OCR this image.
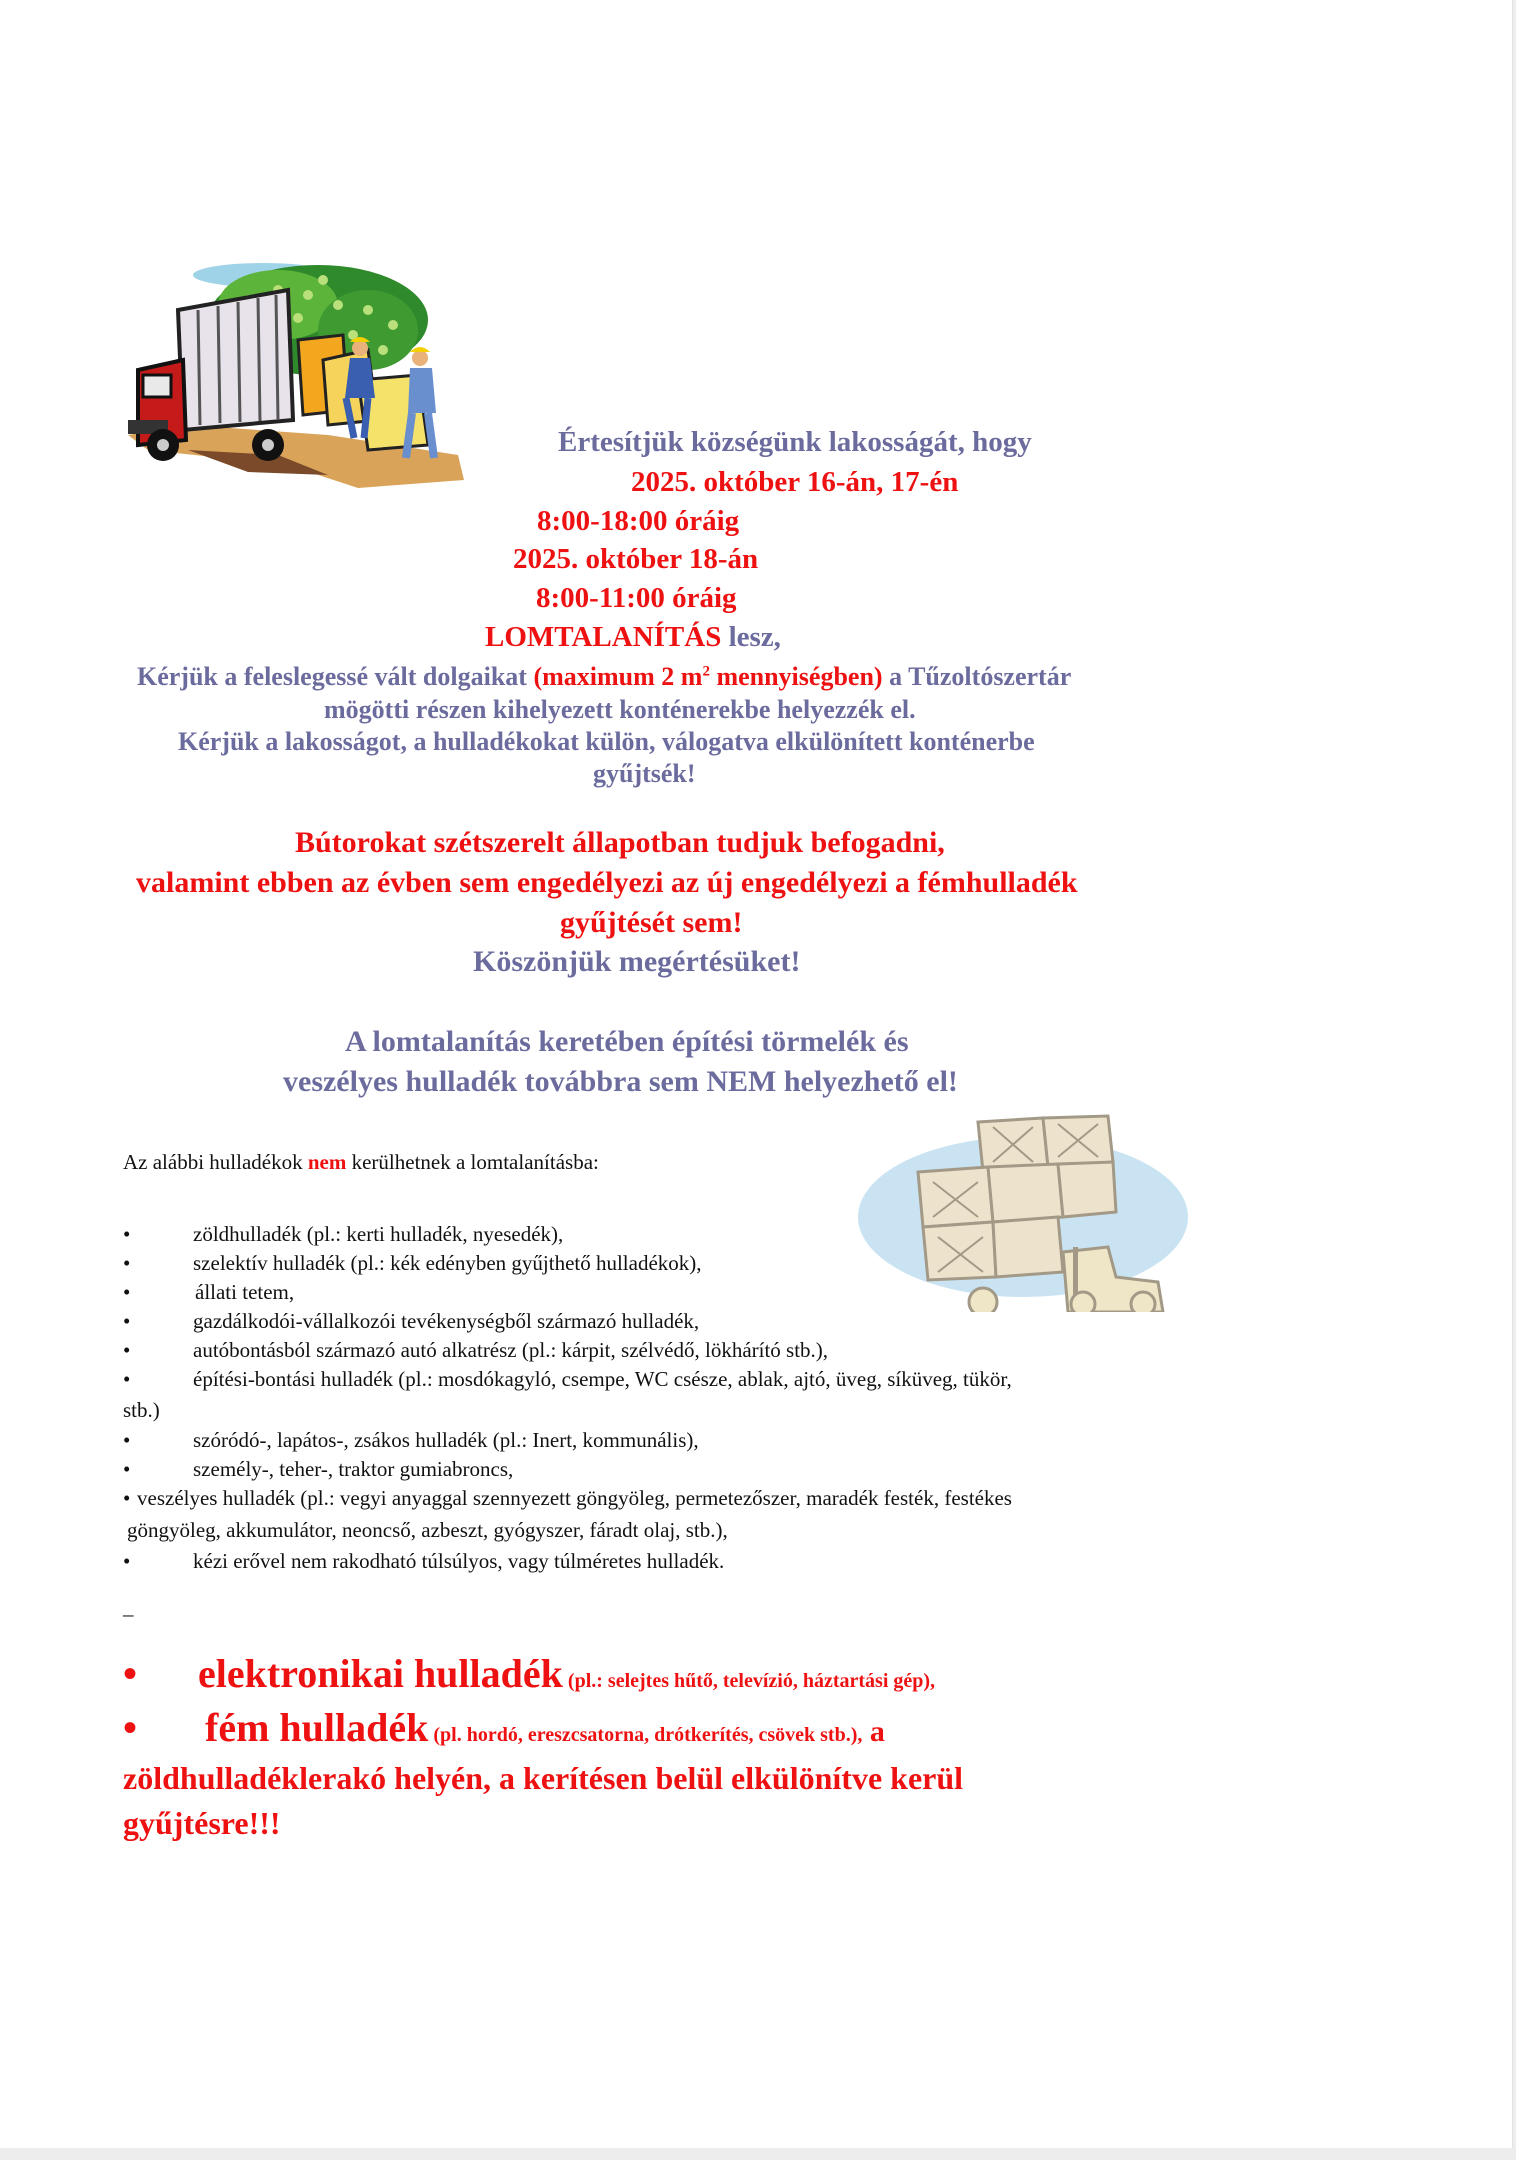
Értesítjük községünk lakosságát, hogy
2025. október 16-án, 17-én
8:00-18:00 óráig
2025. október 18-án
8:00-11:00 óráig
LOMTALANÍTÁS lesz,
Kérjük a feleslegessé vált dolgaikat (maximum 2 $m^2$ mennyiségben) a Tűzoltószertár
mögötti részen kihelyezett konténerekbe helyezzék el.
Kérjük a lakosságot, a hulladékokat külön, válogatva elkülönített konténerbe
gyűjtsék!
Bútorokat szétszerelt állapotban tudjuk befogadni,
valamint ebben az évben sem engedélyezi az új engedélyezi a fémhulladék
gyűjtését sem!
Köszönjük megértésüket!
A lomtalanítás keretében építési törmelék és
veszélyes hulladék továbbra sem NEM helyezhető el!
Az alábbi hulladékok nem kerülhetnek a lomtalanításba:
•	zöldhulladék (pl.: kerti hulladék, nyesedék),
•	szelektív hulladék (pl.: kék edényben gyűjthető hulladékok),
•	állati tetem,
•	gazdálkodói-vállalkozói tevékenységből származó hulladék,
•	autóbontásból származó autó alkatrész (pl.: kárpit, szélvédő, lökhárító stb.),
•	építési-bontási hulladék (pl.: mosdókagyló, csempe, WC csésze, ablak, ajtó, üveg, síküveg, tükör,
stb.)
•	szóródó-, lapátos-, zsákos hulladék (pl.: Inert, kommunális),
•	személy-, teher-, traktor gumiabroncs,
• veszélyes hulladék (pl.: vegyi anyaggal szennyezett göngyöleg, permetezőszer, maradék festék, festékes
göngyöleg, akkumulátor, neoncső, azbeszt, gyógyszer, fáradt olaj, stb.),
•	kézi erővel nem rakodható túlsúlyos, vagy túlméretes hulladék.
–
• elektronikai hulladék (pl.: selejtes hűtő, televízió, háztartási gép),
• fém hulladék (pl. hordó, ereszcsatorna, drótkerítés, csövek stb.), a
zöldhulladéklerakó helyén, a kerítésen belül elkülönítve kerül
gyűjtésre!!!
